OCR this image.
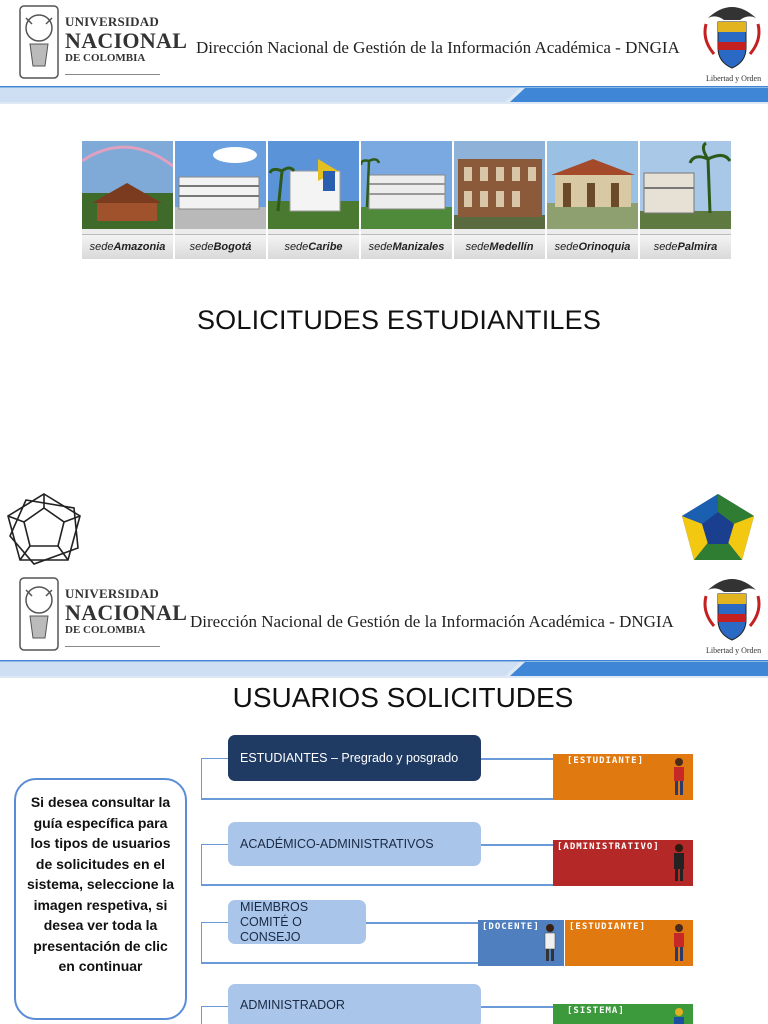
UNIVERSIDAD
NACIONAL
DE COLOMBIA
Dirección Nacional de Gestión de la Información Académica - DNGIA
Libertad y Orden
sede Amazonia sede Bogotá	sede Caribe sede Manizales sede Medellín sede Orinoquia sede Palmira
SOLICITUDES ESTUDIANTILES
UNIVERSIDAD
NACIONAL
DE COLOMBIA	Dirección Nacional de Gestión de la Información Académica - DNGIA
Libertad y Orden
USUARIOS SOLICITUDES
Si desea consultar la guía específica para los tipos de usuarios de solicitudes en el sistema, seleccione la imagen respetiva, si desea ver toda la presentación de clic en continuar
ESTUDIANTES – Pregrado y posgrado	[ESTUDIANTE]
ACADÉMICO-ADMINISTRATIVOS	[ADMINISTRATIVO]
MIEMBROS COMITÉ O CONSEJO
[DOCENTE]	[ESTUDIANTE]
ADMINISTRADOR	[SISTEMA]
